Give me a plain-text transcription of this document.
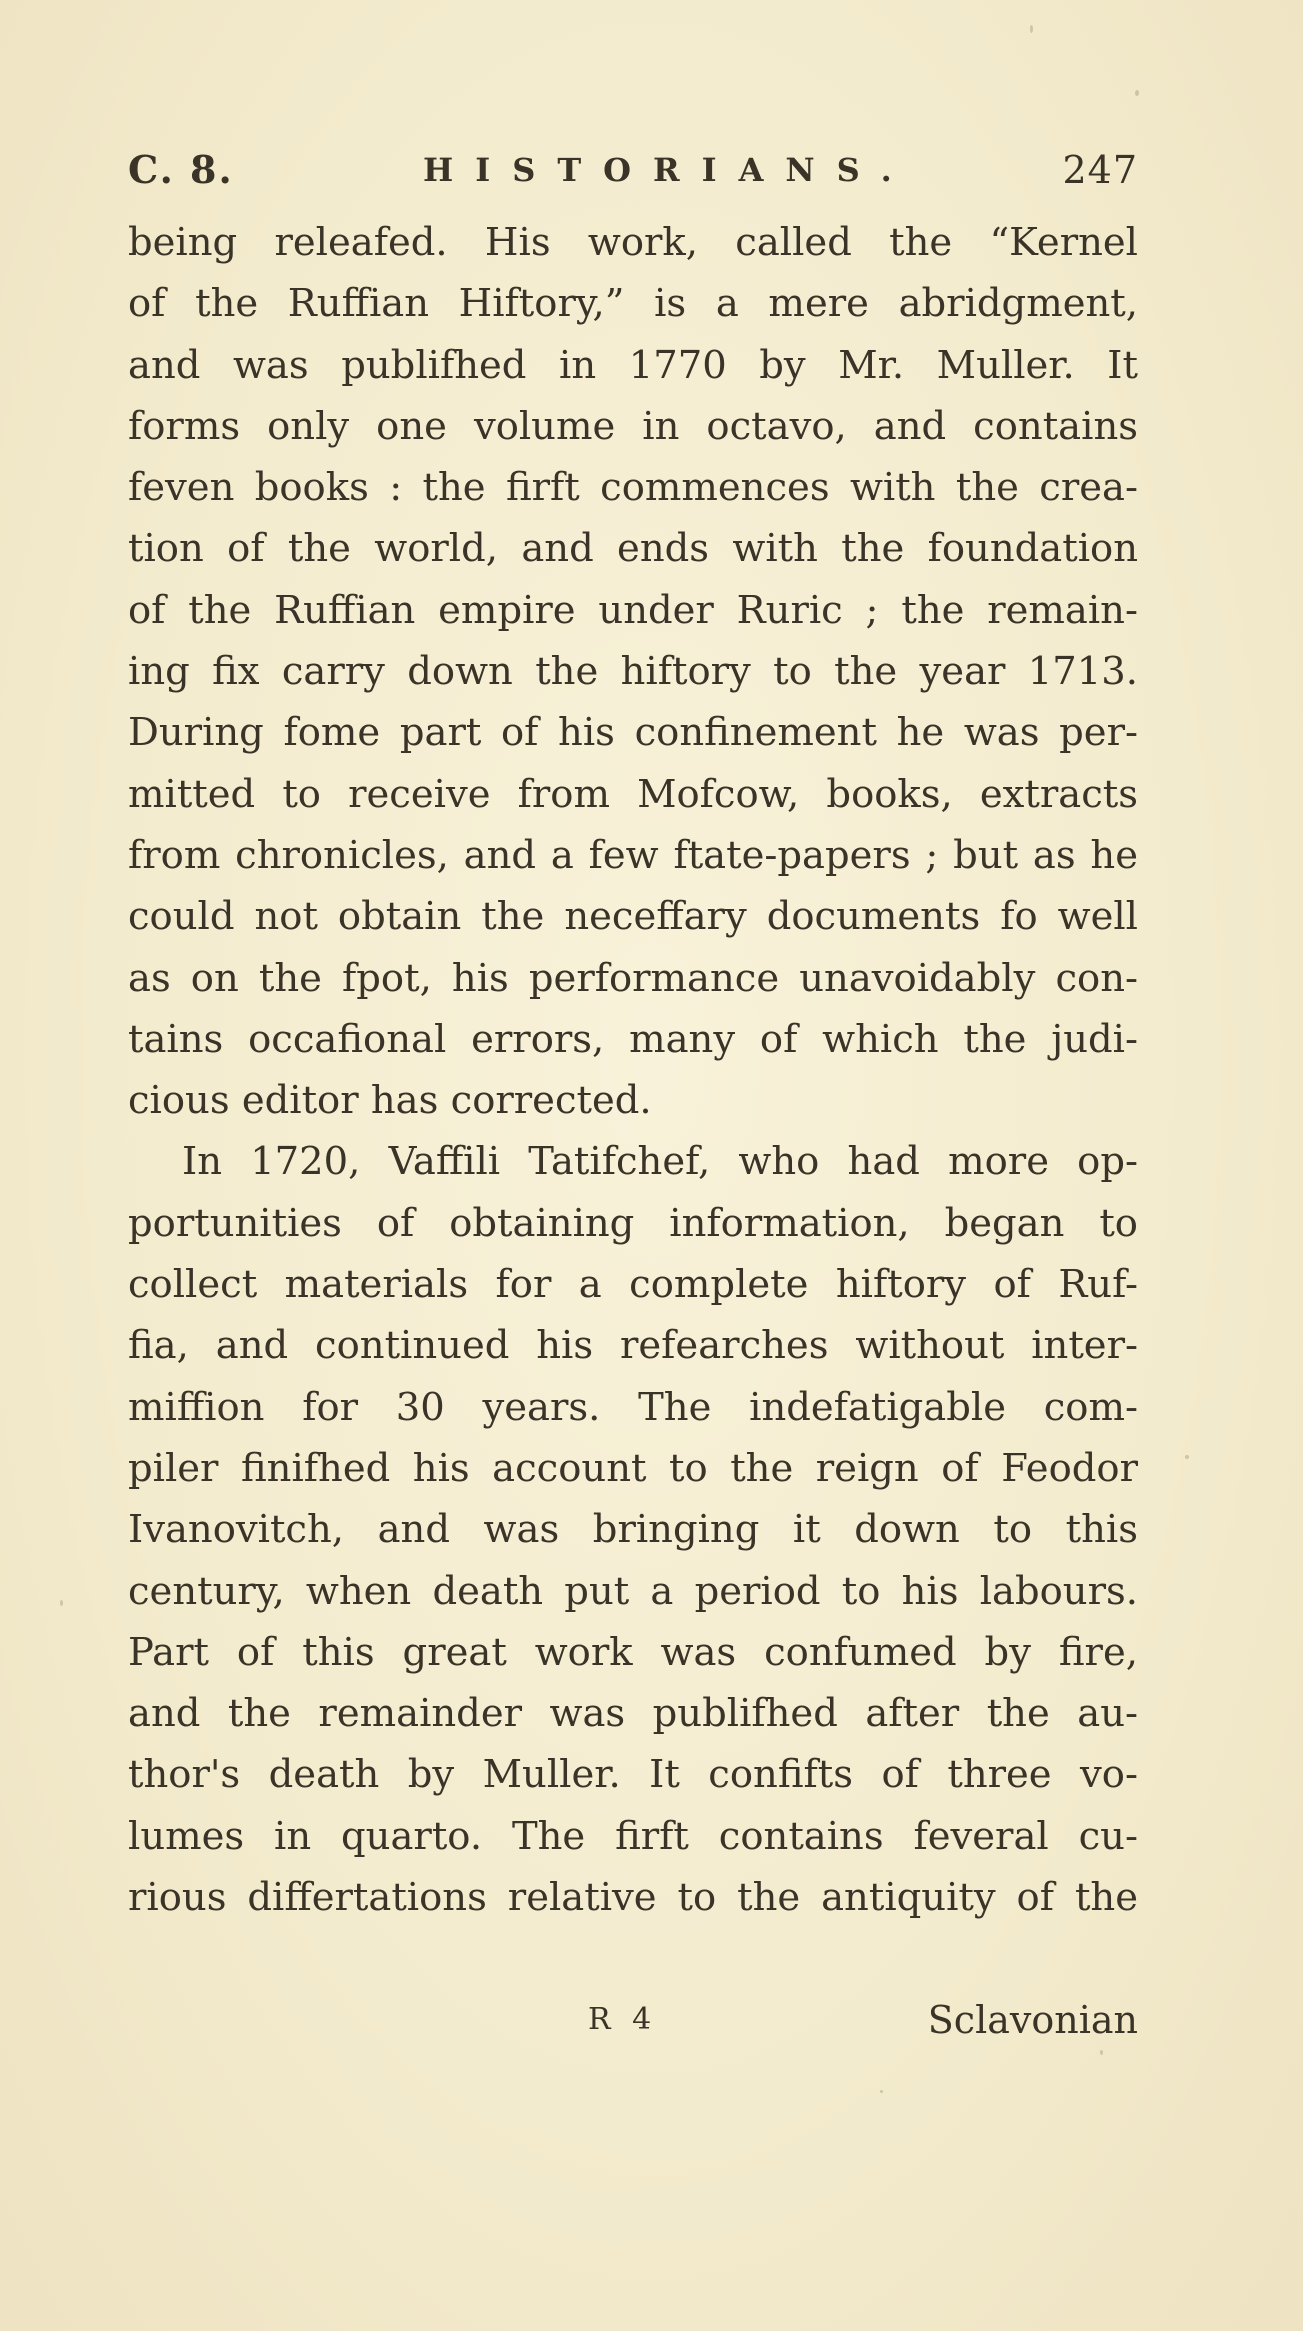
C. 8.	HISTORIANS.	247
being releafed. His work, called the “Kernel
of the Ruffian Hiftory,” is a mere abridgment,
and was publifhed in 1770 by Mr. Muller. It
forms only one volume in octavo, and contains
feven books : the firft commences with the crea-
tion of the world, and ends with the foundation
of the Ruffian empire under Ruric ; the remain-
ing fix carry down the hiftory to the year 1713.
During fome part of his confinement he was per-
mitted to receive from Mofcow, books, extracts
from chronicles, and a few ftate-papers ; but as he
could not obtain the neceffary documents fo well
as on the fpot, his performance unavoidably con-
tains occafional errors, many of which the judi-
cious editor has corrected.
In 1720, Vaffili Tatifchef, who had more op-
portunities of obtaining information, began to
collect materials for a complete hiftory of Ruf-
fia, and continued his refearches without inter-
miffion for 30 years. The indefatigable com-
piler finifhed his account to the reign of Feodor
Ivanovitch, and was bringing it down to this
century, when death put a period to his labours.
Part of this great work was confumed by fire,
and the remainder was publifhed after the au-
thor's death by Muller. It confifts of three vo-
lumes in quarto. The firft contains feveral cu-
rious differtations relative to the antiquity of the
R 4	Sclavonian
